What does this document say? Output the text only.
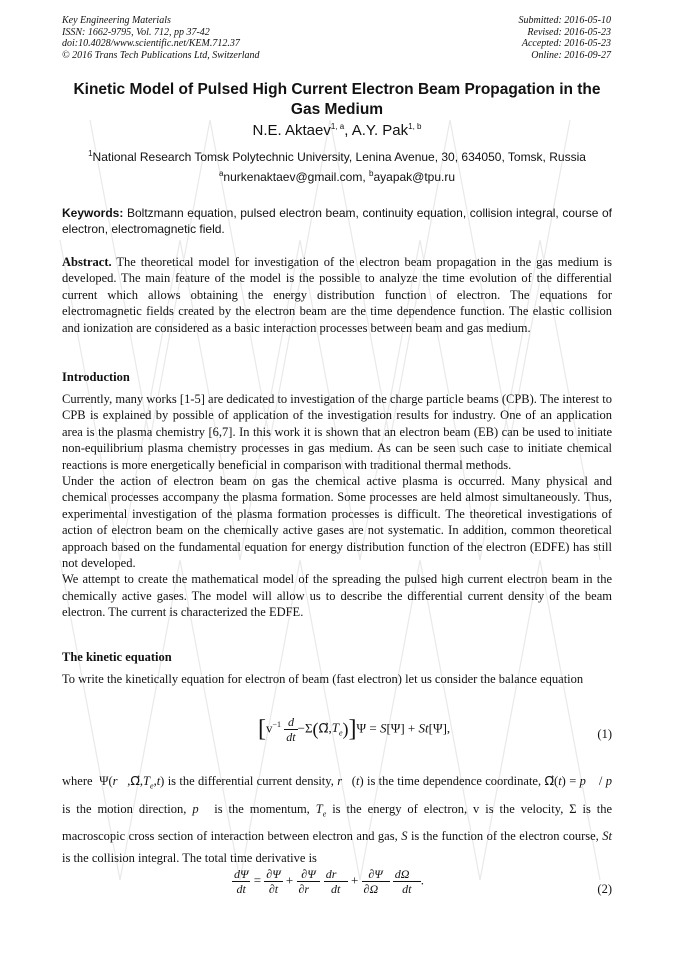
Key Engineering Materials
ISSN: 1662-9795, Vol. 712, pp 37-42
doi:10.4028/www.scientific.net/KEM.712.37
© 2016 Trans Tech Publications Ltd, Switzerland
Submitted: 2016-05-10
Revised: 2016-05-23
Accepted: 2016-05-23
Online: 2016-09-27
Kinetic Model of Pulsed High Current Electron Beam Propagation in the Gas Medium
N.E. Aktaev$^{1, a}$, A.Y. Pak$^{1, b}$
$^1$National Research Tomsk Polytechnic University, Lenina Avenue, 30, 634050, Tomsk, Russia
$^a$nurkenaktaev@gmail.com, $^b$ayapak@tpu.ru
Keywords: Boltzmann equation, pulsed electron beam, continuity equation, collision integral, course of electron, electromagnetic field.

Abstract. The theoretical model for investigation of the electron beam propagation in the gas medium is developed. The main feature of the model is the possible to analyze the time evolution of the differential current which allows obtaining the energy distribution function of electron. The equations for electromagnetic fields created by the electron beam are the time dependence function. The elastic collision and ionization are considered as a basic interaction processes between beam and gas medium.

Introduction

Currently, many works [1-5] are dedicated to investigation of the charge particle beams (CPB). The interest to CPB is explained by possible of application of the investigation results for industry. One of an application area is the plasma chemistry [6,7]. In this work it is shown that an electron beam (EB) can be used to initiate non-equilibrium plasma chemistry processes in gas medium. As can be seen such case to initiate chemical reactions is more energetically beneficial in comparison with traditional thermal methods.

Under the action of electron beam on gas the chemical active plasma is occurred. Many physical and chemical processes accompany the plasma formation. Some processes are held almost simultaneously. Thus, experimental investigation of the plasma formation processes is difficult. The theoretical investigations of action of electron beam on the chemically active gases are not systematic. In addition, common theoretical approach based on the fundamental equation for energy distribution function of the electron (EDFE) has still not developed.

We attempt to create the mathematical model of the spreading the pulsed high current electron beam in the chemically active gases. The model will allow us to describe the differential current density of the beam electron. The current is characterized the EDFE.

The kinetic equation

To write the kinetically equation for electron of beam (fast electron) let us consider the balance equation

[$v^{-1} \frac{d}{dt}$ $-\Sigma(\Omega⃗,T_e)]\Psi = S[\Psi] + St[\Psi]$,	(1)
where  $\Psi(r⃗,\Omega⃗,T_e,t)$ is the differential current density, r⃗(t) is the time dependence coordinate, Ω⃗(t) = p⃗ / p is the motion direction, p⃗ is the momentum, $T_e$ is the energy of electron, v is the velocity, Σ is the macroscopic cross section of interaction between electron and gas, S is the function of the electron course, St is the collision integral. The total time derivative is
$\frac{d\Psi}{dt} = \frac{\partial\Psi}{\partial t} + \frac{\partial\Psi}{\partial r⃗}$
$\frac{dr⃗}{dt} + \frac{\partial\Psi}{\partial\Omega⃗}$
$\frac{d\Omega⃗}{dt}$ .
(2)
